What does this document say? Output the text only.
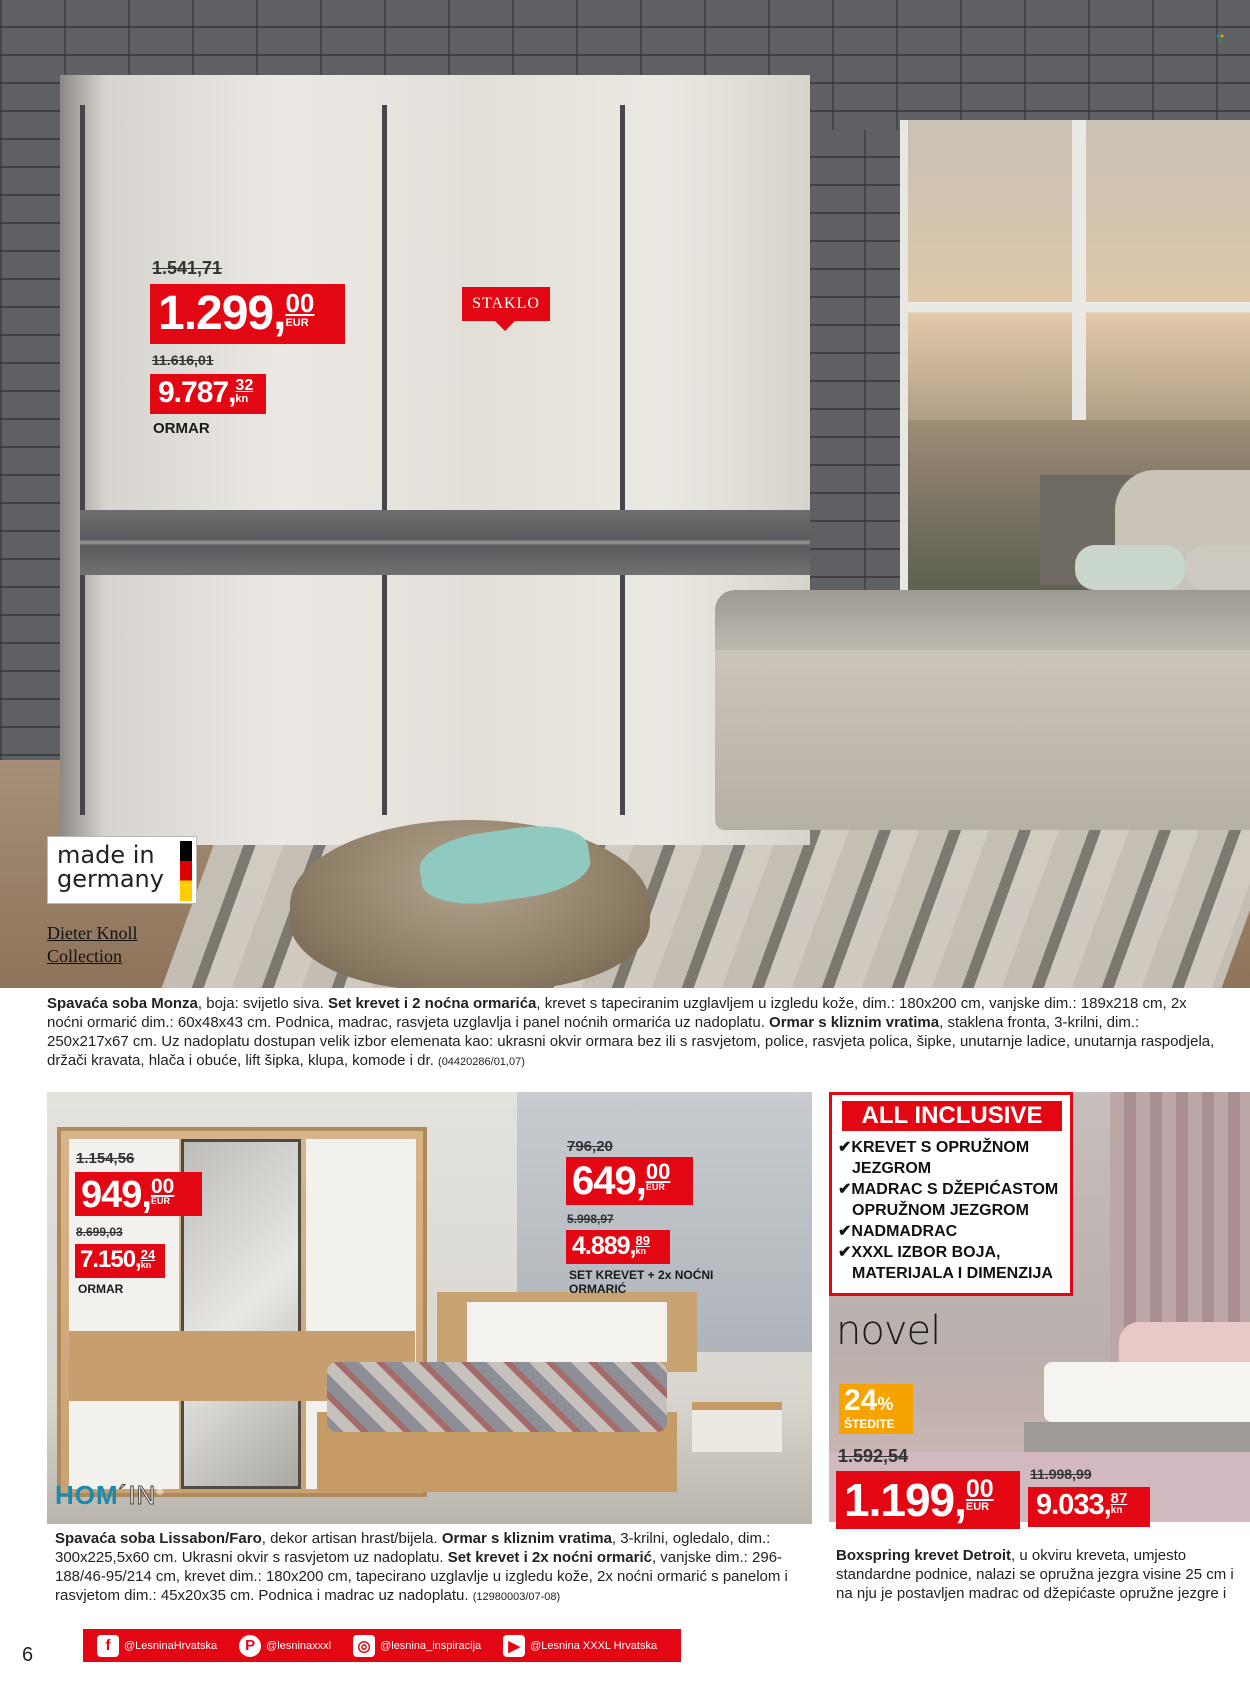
1.541,71
1.299, 00
EUR
11.616,01
9.787, 32
kn
ORMAR
STAKLO
made in
germany
Dieter Knoll
Collection
Spavaća soba Monza, boja: svijetlo siva. Set krevet i 2 noćna ormarića, krevet s tapeciranim uzglavljem u izgledu kože, dim.: 180x200 cm, vanjske dim.: 189x218 cm, 2x noćni ormarić dim.: 60x48x43 cm. Podnica, madrac, rasvjeta uzglavlja i panel noćnih ormarića uz nadoplatu. Ormar s kliznim vratima, staklena fronta, 3-krilni, dim.: 250x217x67 cm. Uz nadoplatu dostupan velik izbor elemenata kao: ukrasni okvir ormara bez ili s rasvjetom, police, rasvjeta polica, šipke, unutarnje ladice, unutarnja raspodjela, držači kravata, hlača i obuće, lift šipka, klupa, komode i dr. (04420286/01,07)
1.154,56
949, 00
EUR
8.699,03
7.150, 24
kn
ORMAR
796,20
649, 00
EUR
5.998,97
4.889, 89
kn
SET KREVET + 2x NOĆNI
ORMARIĆ
HOM´IN®
Spavaća soba Lissabon/Faro, dekor artisan hrast/bijela. Ormar s kliznim vratima, 3-krilni, ogledalo, dim.: 300x225,5x60 cm. Ukrasni okvir s rasvjetom uz nadoplatu. Set krevet i 2x noćni ormarić, vanjske dim.: 296-188/46-95/214 cm, krevet dim.: 180x200 cm, tapecirano uzglavlje u izgledu kože, 2x noćni ormarić s panelom i rasvjetom dim.: 45x20x35 cm. Podnica i madrac uz nadoplatu. (12980003/07-08)
ALL INCLUSIVE
✔KREVET S OPRUŽNOM
JEZGROM
✔MADRAC S DŽEPIĆASTOM
OPRUŽNOM JEZGROM
✔NADMADRAC
✔XXXL IZBOR BOJA,
MATERIJALA I DIMENZIJA
novel
24%
ŠTEDITE
1.592,54
1.199, 00
EUR
11.998,99
9.033, 87
kn
Boxspring krevet Detroit, u okviru kreveta, umjesto standardne podnice, nalazi se opružna jezgra visine 25 cm i na nju je postavljen madrac od džepićaste opružne jezgre i
6	f	@LesninaHrvatska	P	@lesninaxxxl ◎ @lesnina_inspiracija	▶ @Lesnina XXXL Hrvatska
